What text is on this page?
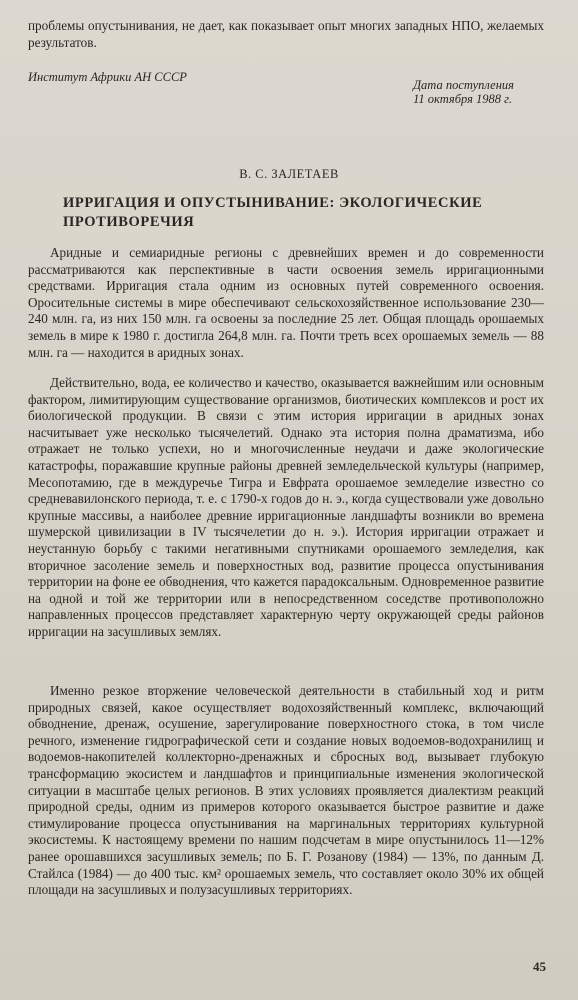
проблемы опустынивания, не дает, как показывает опыт многих западных НПО, желаемых результатов.

Институт Африки АН СССР
Дата поступления
11 октября 1988 г.
В. С. ЗАЛЕТАЕВ
ИРРИГАЦИЯ И ОПУСТЫНИВАНИЕ: ЭКОЛОГИЧЕСКИЕ ПРОТИВОРЕЧИЯ

Аридные и семиаридные регионы с древнейших времен и до современности рассматриваются как перспективные в части освоения земель ирригационными средствами. Ирригация стала одним из основных путей современного освоения. Оросительные системы в мире обеспечивают сельскохозяйственное использование 230—240 млн. га, из них 150 млн. га освоены за последние 25 лет. Общая площадь орошаемых земель в мире к 1980 г. достигла 264,8 млн. га. Почти треть всех орошаемых земель — 88 млн. га — находится в аридных зонах.

Действительно, вода, ее количество и качество, оказывается важнейшим или основным фактором, лимитирующим существование организмов, биотических комплексов и рост их биологической продукции. В связи с этим история ирригации в аридных зонах насчитывает уже несколько тысячелетий. Однако эта история полна драматизма, ибо отражает не только успехи, но и многочисленные неудачи и даже экологические катастрофы, поражавшие крупные районы древней земледельческой культуры (например, Месопотамию, где в междуречье Тигра и Евфрата орошаемое земледелие известно со средневавилонского периода, т. е. с 1790-х годов до н. э., когда существовали уже довольно крупные массивы, а наиболее древние ирригационные ландшафты возникли во времена шумерской цивилизации в IV тысячелетии до н. э.). История ирригации отражает и неустанную борьбу с такими негативными спутниками орошаемого земледелия, как вторичное засоление земель и поверхностных вод, развитие процесса опустынивания территории на фоне ее обводнения, что кажется парадоксальным. Одновременное развитие на одной и той же территории или в непосредственном соседстве противоположно направленных процессов представляет характерную черту окружающей среды районов ирригации на засушливых землях.

Именно резкое вторжение человеческой деятельности в стабильный ход и ритм природных связей, какое осуществляет водохозяйственный комплекс, включающий обводнение, дренаж, осушение, зарегулирование поверхностного стока, в том числе речного, изменение гидрографической сети и создание новых водоемов-водохранилищ и водоемов-накопителей коллекторно-дренажных и сбросных вод, вызывает глубокую трансформацию экосистем и ландшафтов и принципиальные изменения экологической ситуации в масштабе целых регионов. В этих условиях проявляется диалектизм реакций природной среды, одним из примеров которого оказывается быстрое развитие и даже стимулирование процесса опустынивания на маргинальных территориях культурной экосистемы. К настоящему времени по нашим подсчетам в мире опустынилось 11—12% ранее орошавшихся засушливых земель; по Б. Г. Розанову (1984) — 13%, по данным Д. Стайлса (1984) — до 400 тыс. км² орошаемых земель, что составляет около 30% их общей площади на засушливых и полузасушливых территориях.

45
